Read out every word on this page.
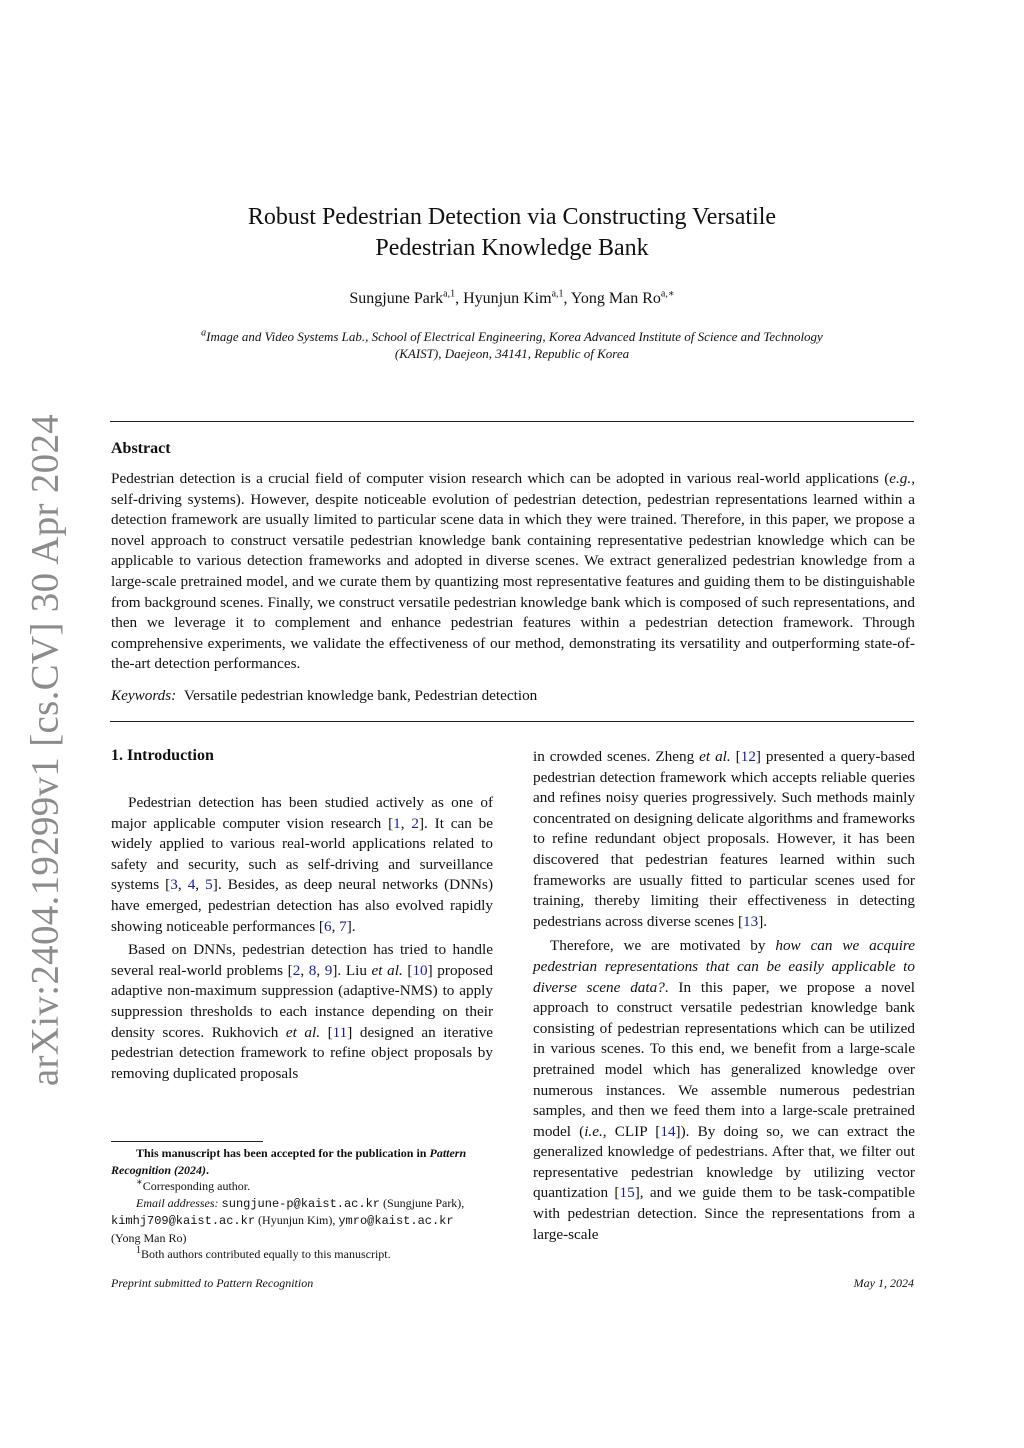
arXiv:2404.19299v1 [cs.CV] 30 Apr 2024
Robust Pedestrian Detection via Constructing Versatile
Pedestrian Knowledge Bank
Sungjune Park$^{a,1}$, Hyunjun Kim$^{a,1}$, Yong Man $Ro^{a,∗}$
$^a$Image and Video Systems Lab., School of Electrical Engineering, Korea Advanced Institute of Science and Technology
(KAIST), Daejeon, 34141, Republic of Korea
Abstract
Pedestrian detection is a crucial field of computer vision research which can be adopted in various real-world applications (e.g., self-driving systems). However, despite noticeable evolution of pedestrian detection, pedestrian representations learned within a detection framework are usually limited to particular scene data in which they were trained. Therefore, in this paper, we propose a novel approach to construct versatile pedestrian knowledge bank containing representative pedestrian knowledge which can be applicable to various detection frameworks and adopted in diverse scenes. We extract generalized pedestrian knowledge from a large-scale pretrained model, and we curate them by quantizing most representative features and guiding them to be distinguishable from background scenes. Finally, we construct versatile pedestrian knowledge bank which is composed of such representations, and then we leverage it to complement and enhance pedestrian features within a pedestrian detection framework. Through comprehensive experiments, we validate the effectiveness of our method, demonstrating its versatility and outperforming state-of-the-art detection performances.
Keywords: Versatile pedestrian knowledge bank, Pedestrian detection
1. Introduction

Pedestrian detection has been studied actively as one of major applicable computer vision research [1, 2]. It can be widely applied to various real-world applications related to safety and security, such as self-driving and surveillance systems [3, 4, 5]. Besides, as deep neural networks (DNNs) have emerged, pedestrian detection has also evolved rapidly showing noticeable performances [6, 7].

Based on DNNs, pedestrian detection has tried to handle several real-world problems [2, 8, 9]. Liu et al. [10] proposed adaptive non-maximum suppression (adaptive-NMS) to apply suppression thresholds to each instance depending on their density scores. Rukhovich et al. [11] designed an iterative pedestrian detection framework to refine object proposals by removing duplicated proposals

This manuscript has been accepted for the publication in Pattern Recognition (2024).
∗Corresponding author.
Email addresses: sungjune-p@kaist.ac.kr (Sungjune Park),
kimhj709@kaist.ac.kr (Hyunjun Kim), ymro@kaist.ac.kr
(Yong Man Ro)
$^1$Both authors contributed equally to this manuscript.

in crowded scenes. Zheng et al. [12] presented a query-based pedestrian detection framework which accepts reliable queries and refines noisy queries progressively. Such methods mainly concentrated on designing delicate algorithms and frameworks to refine redundant object proposals. However, it has been discovered that pedestrian features learned within such frameworks are usually fitted to particular scenes used for training, thereby limiting their effectiveness in detecting pedestrians across diverse scenes [13].

Therefore, we are motivated by how can we acquire pedestrian representations that can be easily applicable to diverse scene data?. In this paper, we propose a novel approach to construct versatile pedestrian knowledge bank consisting of pedestrian representations which can be utilized in various scenes. To this end, we benefit from a large-scale pretrained model which has generalized knowledge over numerous instances. We assemble numerous pedestrian samples, and then we feed them into a large-scale pretrained model (i.e., CLIP [14]). By doing so, we can extract the generalized knowledge of pedestrians. After that, we filter out representative pedestrian knowledge by utilizing vector quantization [15], and we guide them to be task-compatible with pedestrian detection. Since the representations from a large-scale

Preprint submitted to Pattern Recognition	May 1, 2024
